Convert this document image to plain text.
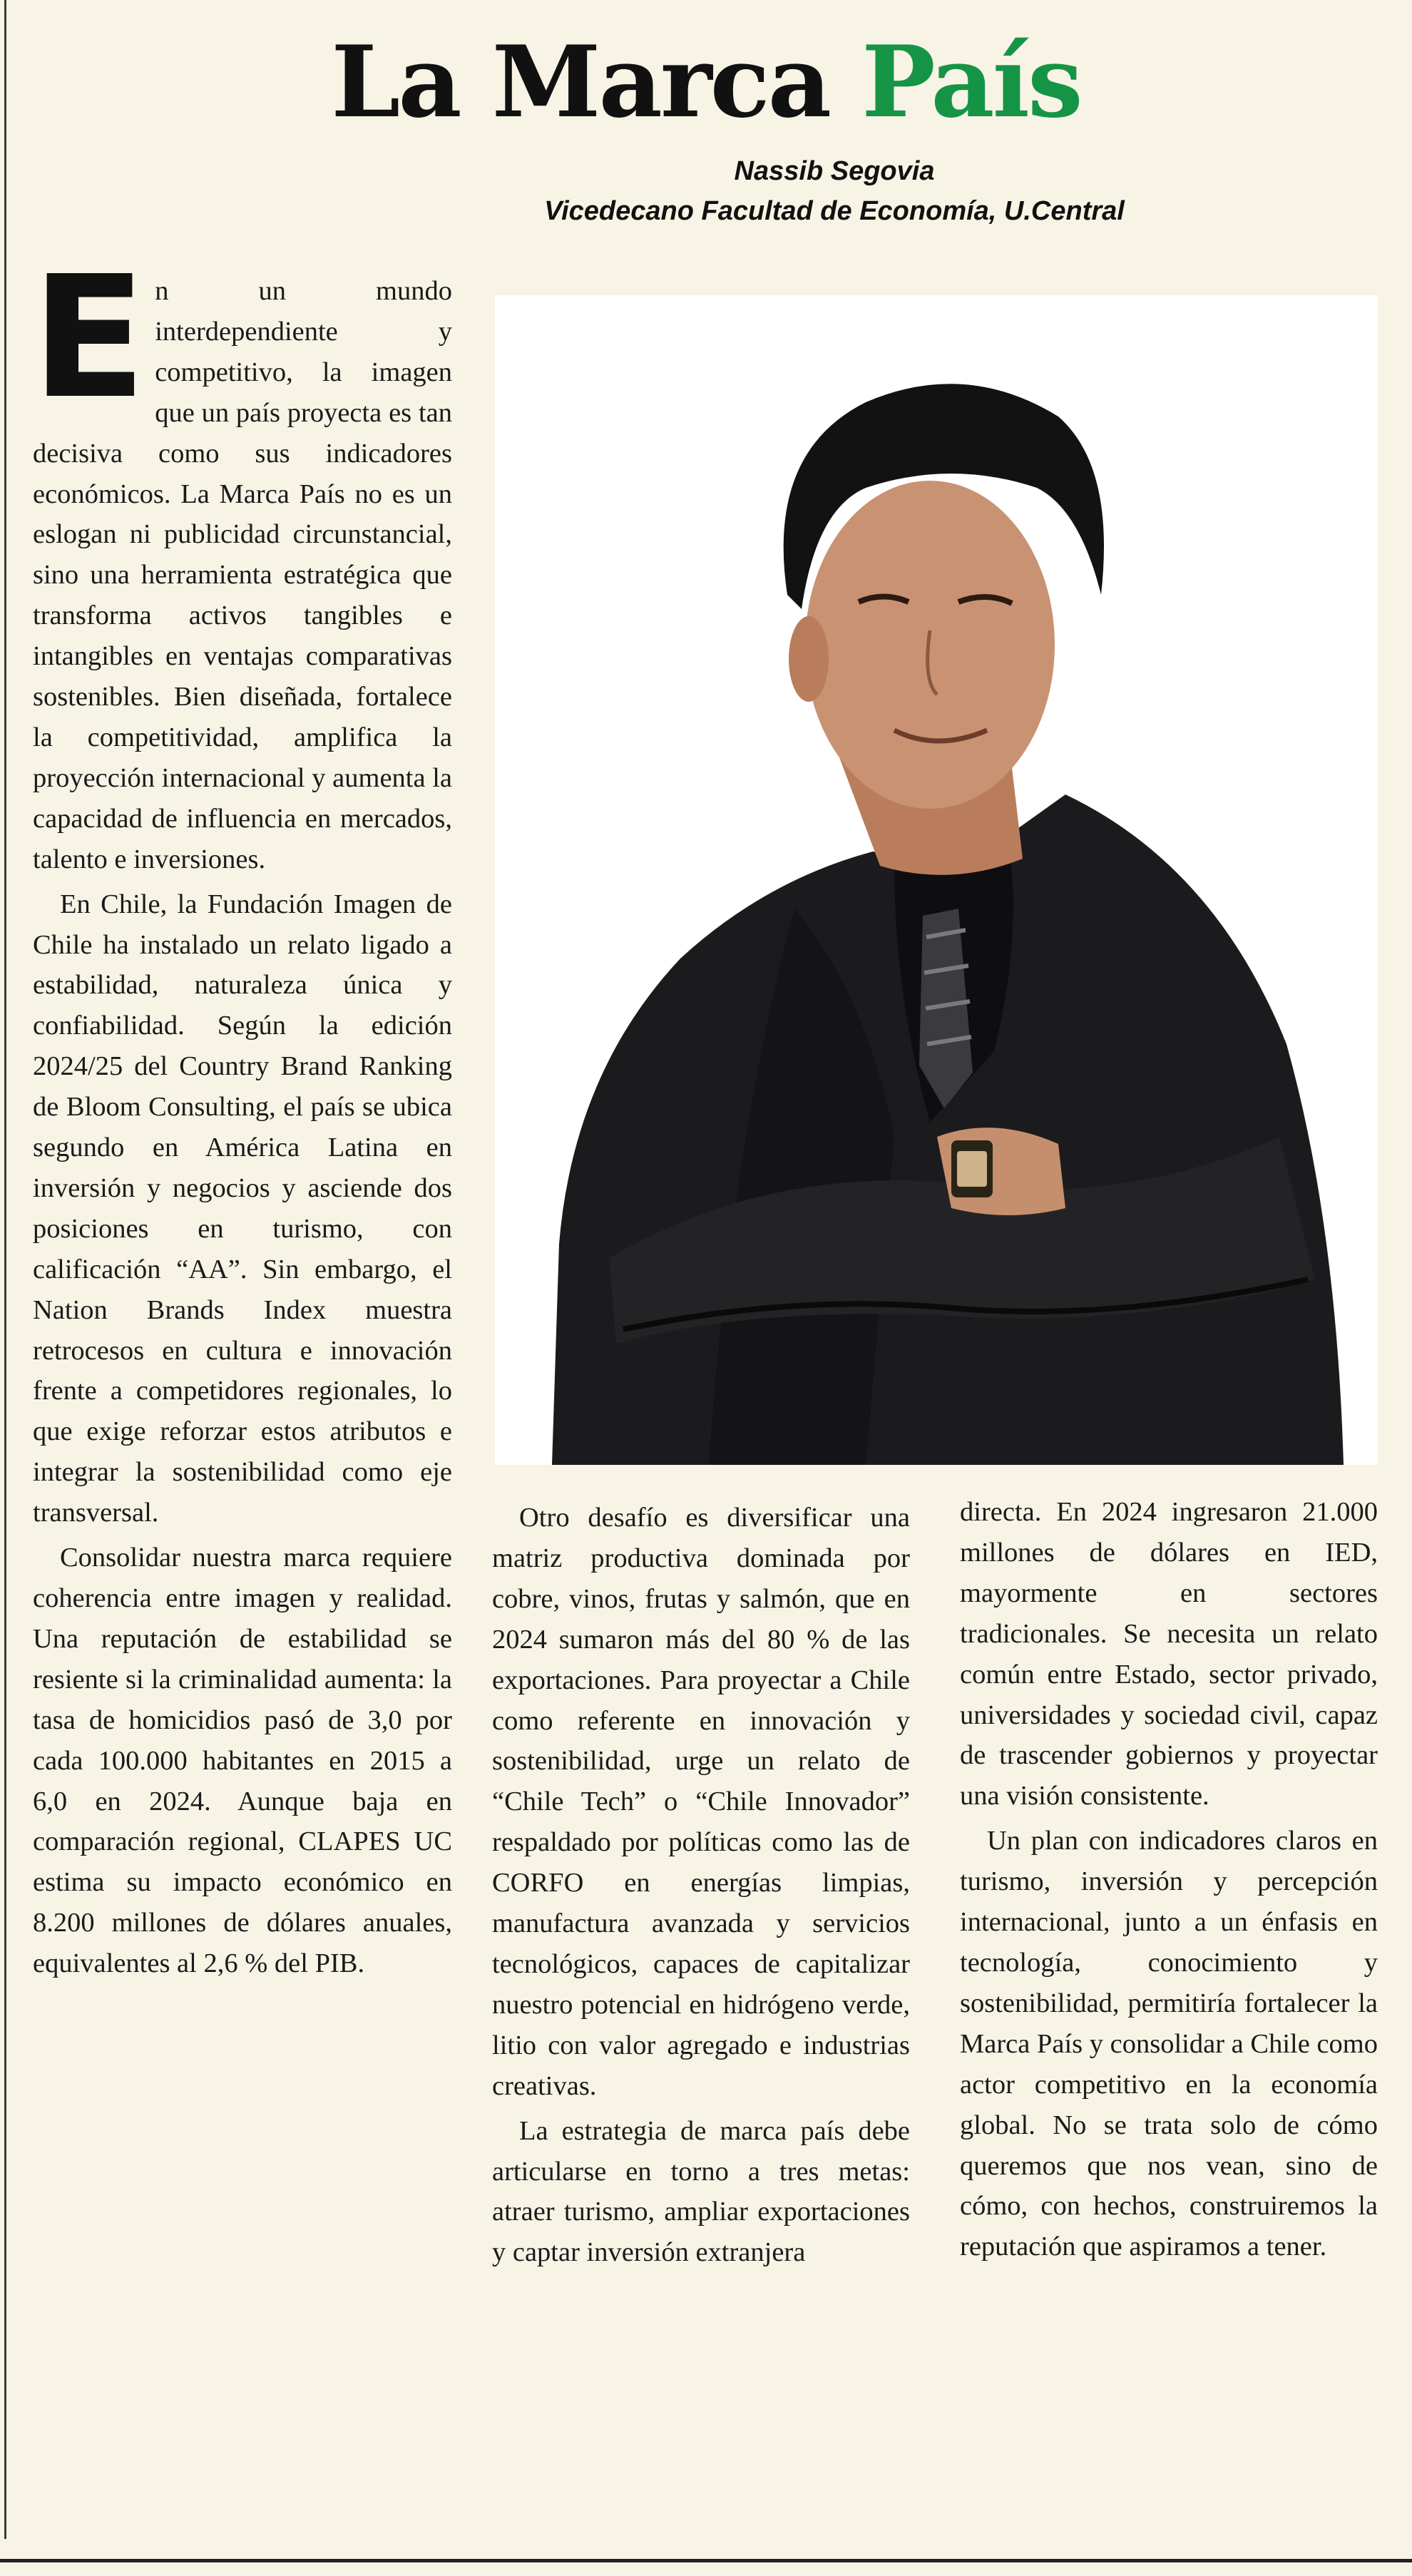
La Marca País
Nassib Segovia
Vicedecano Facultad de Economía, U.Central

En un mundo interdependiente y competitivo, la imagen que un país proyecta es tan decisiva como sus indicadores económicos. La Marca País no es un eslogan ni publicidad circunstancial, sino una herramienta estratégica que transforma activos tangibles e intangibles en ventajas comparativas sostenibles. Bien diseñada, fortalece la competitividad, amplifica la proyección internacional y aumenta la capacidad de influencia en mercados, talento e inversiones.

En Chile, la Fundación Imagen de Chile ha instalado un relato ligado a estabilidad, naturaleza única y confiabilidad. Según la edición 2024/25 del Country Brand Ranking de Bloom Consulting, el país se ubica segundo en América Latina en inversión y negocios y asciende dos posiciones en turismo, con calificación “AA”. Sin embargo, el Nation Brands Index muestra retrocesos en cultura e innovación frente a competidores regionales, lo que exige reforzar estos atributos e integrar la sostenibilidad como eje transversal.

Consolidar nuestra marca requiere coherencia entre imagen y realidad. Una reputación de estabilidad se resiente si la criminalidad aumenta: la tasa de homicidios pasó de 3,0 por cada 100.000 habitantes en 2015 a 6,0 en 2024. Aunque baja en comparación regional, CLAPES UC estima su impacto económico en 8.200 millones de dólares anuales, equivalentes al 2,6 % del PIB.

Otro desafío es diversificar una matriz productiva dominada por cobre, vinos, frutas y salmón, que en 2024 sumaron más del 80 % de las exportaciones. Para proyectar a Chile como referente en innovación y sostenibilidad, urge un relato de “Chile Tech” o “Chile Innovador” respaldado por políticas como las de CORFO en energías limpias, manufactura avanzada y servicios tecnológicos, capaces de capitalizar nuestro potencial en hidrógeno verde, litio con valor agregado e industrias creativas.

La estrategia de marca país debe articularse en torno a tres metas: atraer turismo, ampliar exportaciones y captar inversión extranjera

directa. En 2024 ingresaron 21.000 millones de dólares en IED, mayormente en sectores tradicionales. Se necesita un relato común entre Estado, sector privado, universidades y sociedad civil, capaz de trascender gobiernos y proyectar una visión consistente.

Un plan con indicadores claros en turismo, inversión y percepción internacional, junto a un énfasis en tecnología, conocimiento y sostenibilidad, permitiría fortalecer la Marca País y consolidar a Chile como actor competitivo en la economía global. No se trata solo de cómo queremos que nos vean, sino de cómo, con hechos, construiremos la reputación que aspiramos a tener.
